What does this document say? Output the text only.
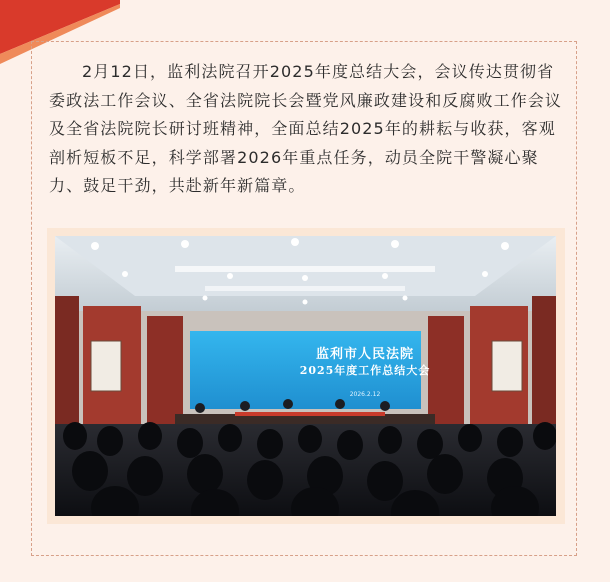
2月12日，监利法院召开2025年度总结大会，会议传达贯彻省委政法工作会议、全省法院院长会暨党风廉政建设和反腐败工作会议及全省法院院长研讨班精神，全面总结2025年的耕耘与收获，客观剖析短板不足，科学部署2026年重点任务，动员全院干警凝心聚力、鼓足干劲，共赴新年新篇章。

监利市人民法院
2025年度工作总结大会
2026.2.12
